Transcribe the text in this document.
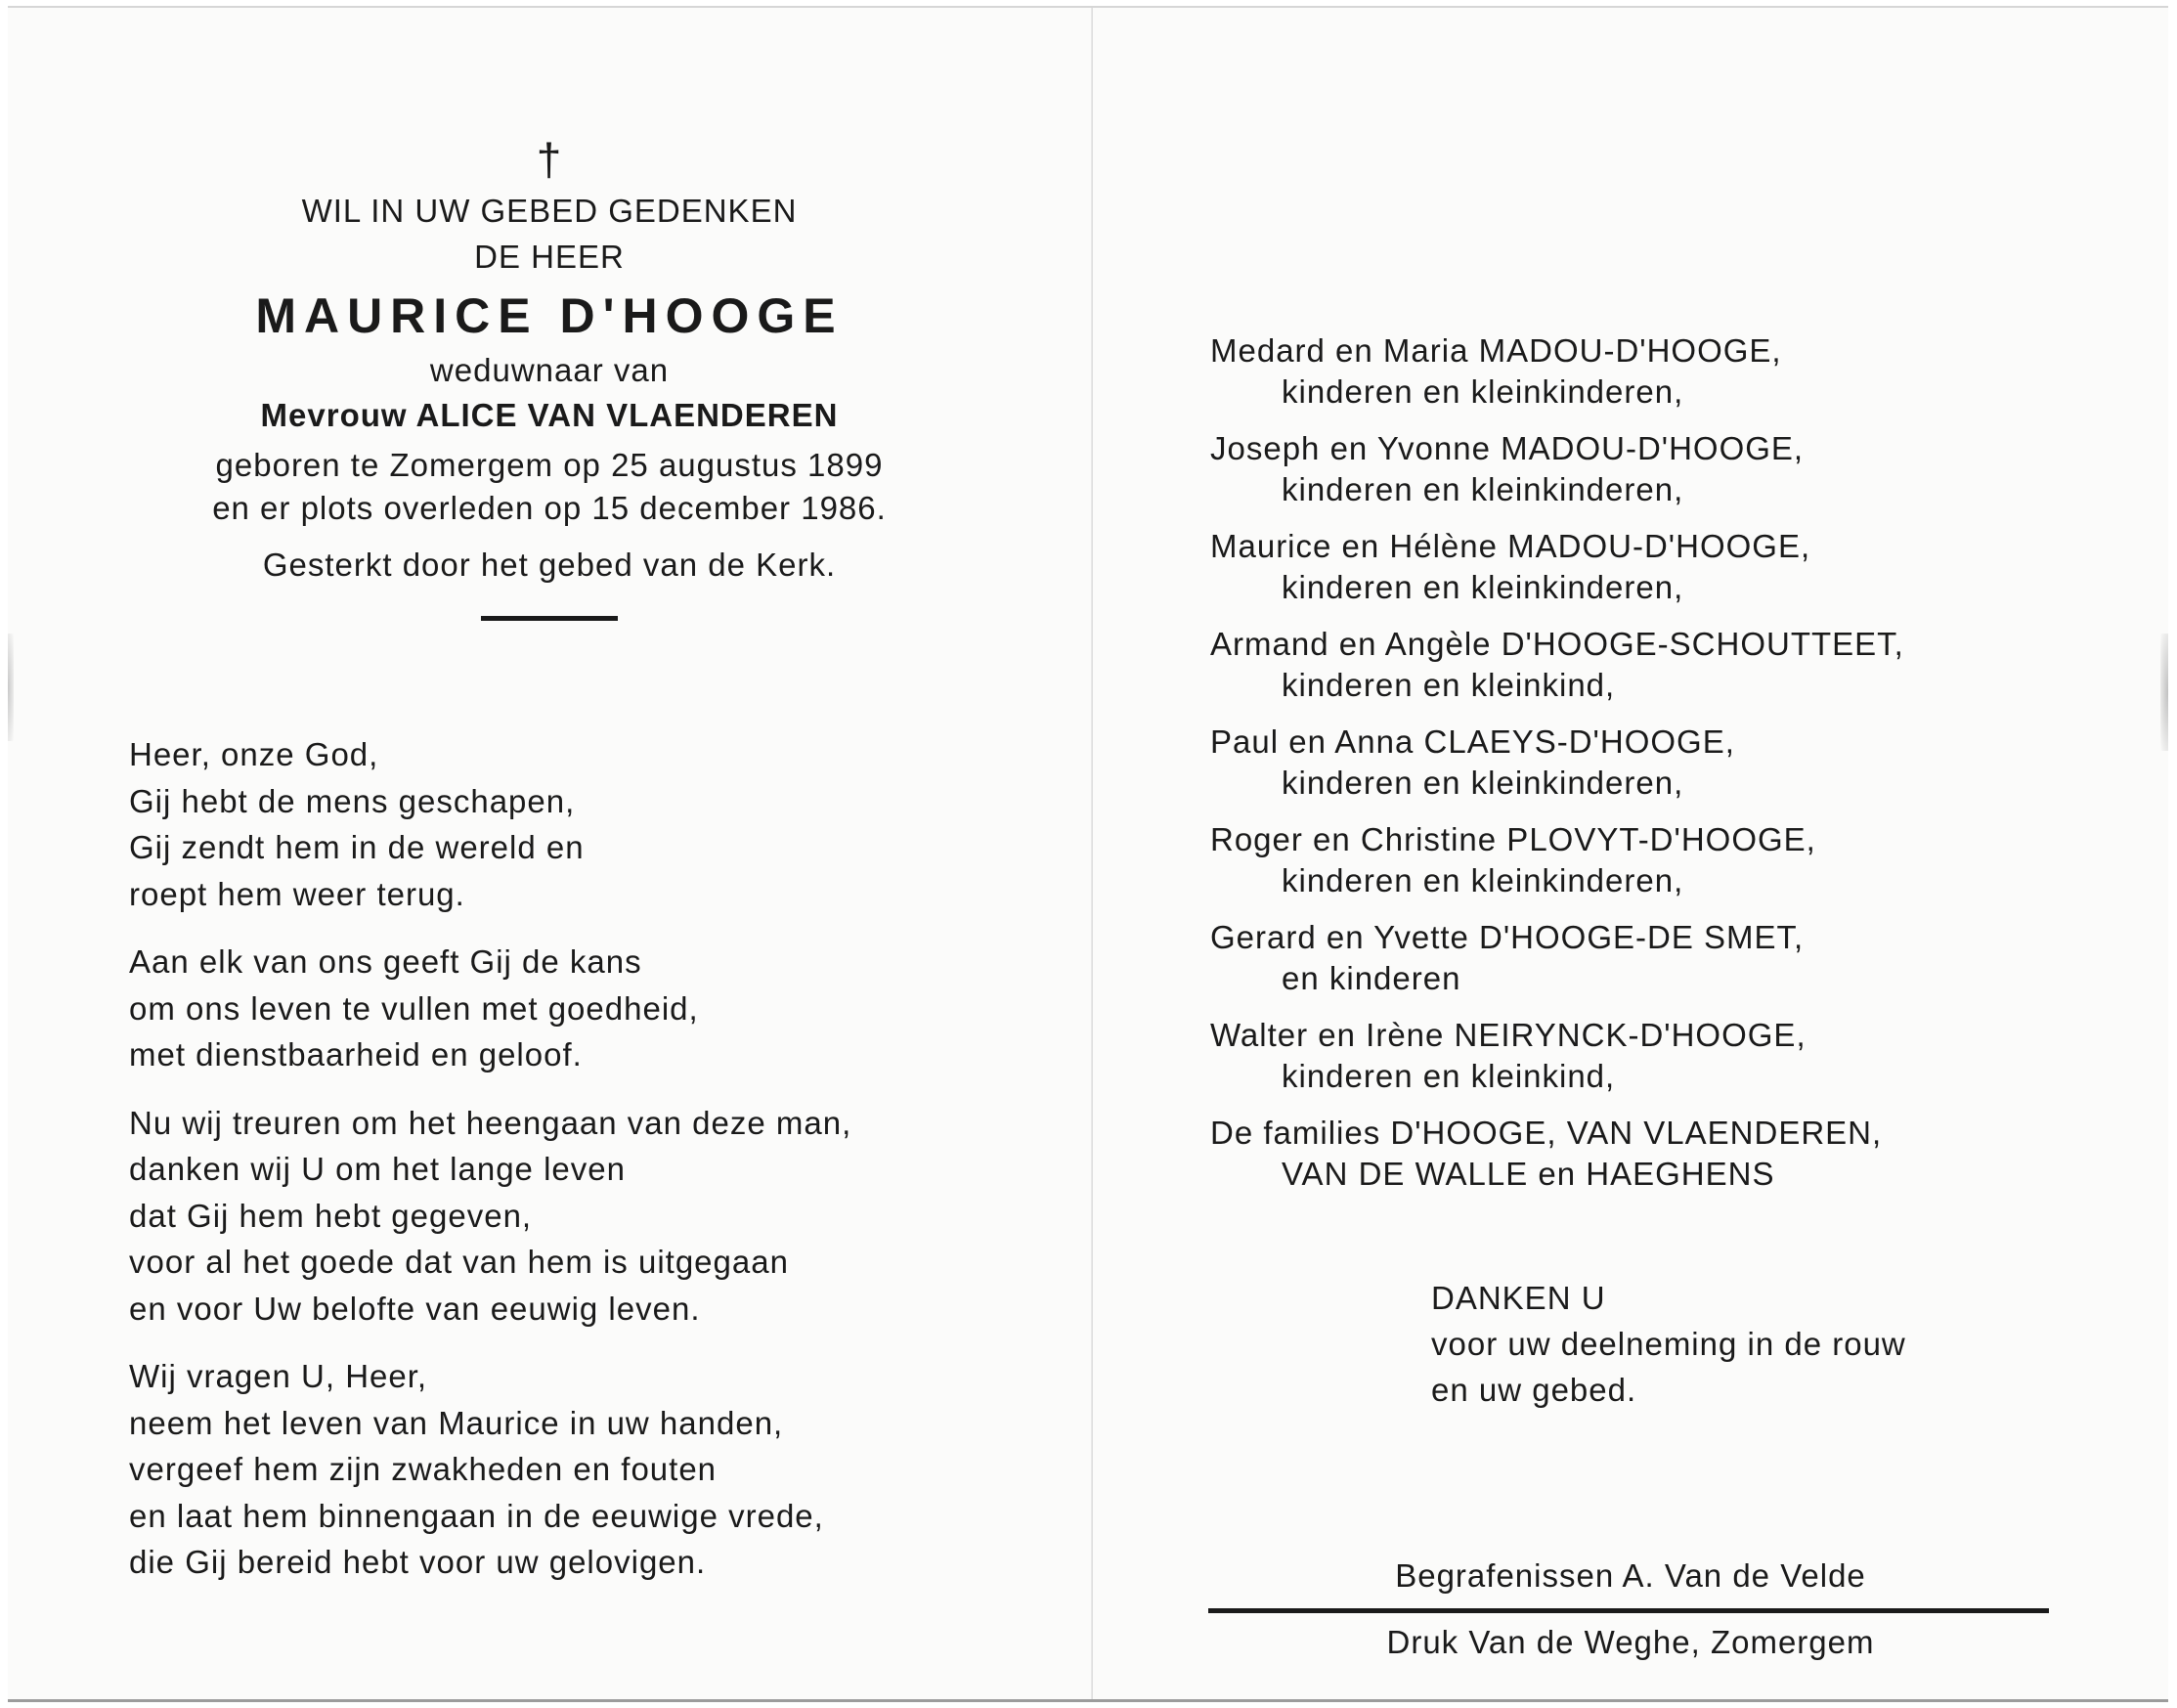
†
WIL IN UW GEBED GEDENKEN
DE HEER
MAURICE D'HOOGE
weduwnaar van
Mevrouw ALICE VAN VLAENDEREN
geboren te Zomergem op 25 augustus 1899
en er plots overleden op 15 december 1986.
Gesterkt door het gebed van de Kerk.
Heer, onze God,
Gij hebt de mens geschapen,
Gij zendt hem in de wereld en
roept hem weer terug.
Aan elk van ons geeft Gij de kans
om ons leven te vullen met goedheid,
met dienstbaarheid en geloof.
Nu wij treuren om het heengaan van deze man,
danken wij U om het lange leven
dat Gij hem hebt gegeven,
voor al het goede dat van hem is uitgegaan
en voor Uw belofte van eeuwig leven.
Wij vragen U, Heer,
neem het leven van Maurice in uw handen,
vergeef hem zijn zwakheden en fouten
en laat hem binnengaan in de eeuwige vrede,
die Gij bereid hebt voor uw gelovigen.
Medard en Maria MADOU-D'HOOGE,
kinderen en kleinkinderen,
Joseph en Yvonne MADOU-D'HOOGE,
kinderen en kleinkinderen,
Maurice en Hélène MADOU-D'HOOGE,
kinderen en kleinkinderen,
Armand en Angèle D'HOOGE-SCHOUTTEET,
kinderen en kleinkind,
Paul en Anna CLAEYS-D'HOOGE,
kinderen en kleinkinderen,
Roger en Christine PLOVYT-D'HOOGE,
kinderen en kleinkinderen,
Gerard en Yvette D'HOOGE-DE SMET,
en kinderen
Walter en Irène NEIRYNCK-D'HOOGE,
kinderen en kleinkind,
De families D'HOOGE, VAN VLAENDEREN,
VAN DE WALLE en HAEGHENS
DANKEN U
voor uw deelneming in de rouw
en uw gebed.
Begrafenissen A. Van de Velde
Druk Van de Weghe, Zomergem
